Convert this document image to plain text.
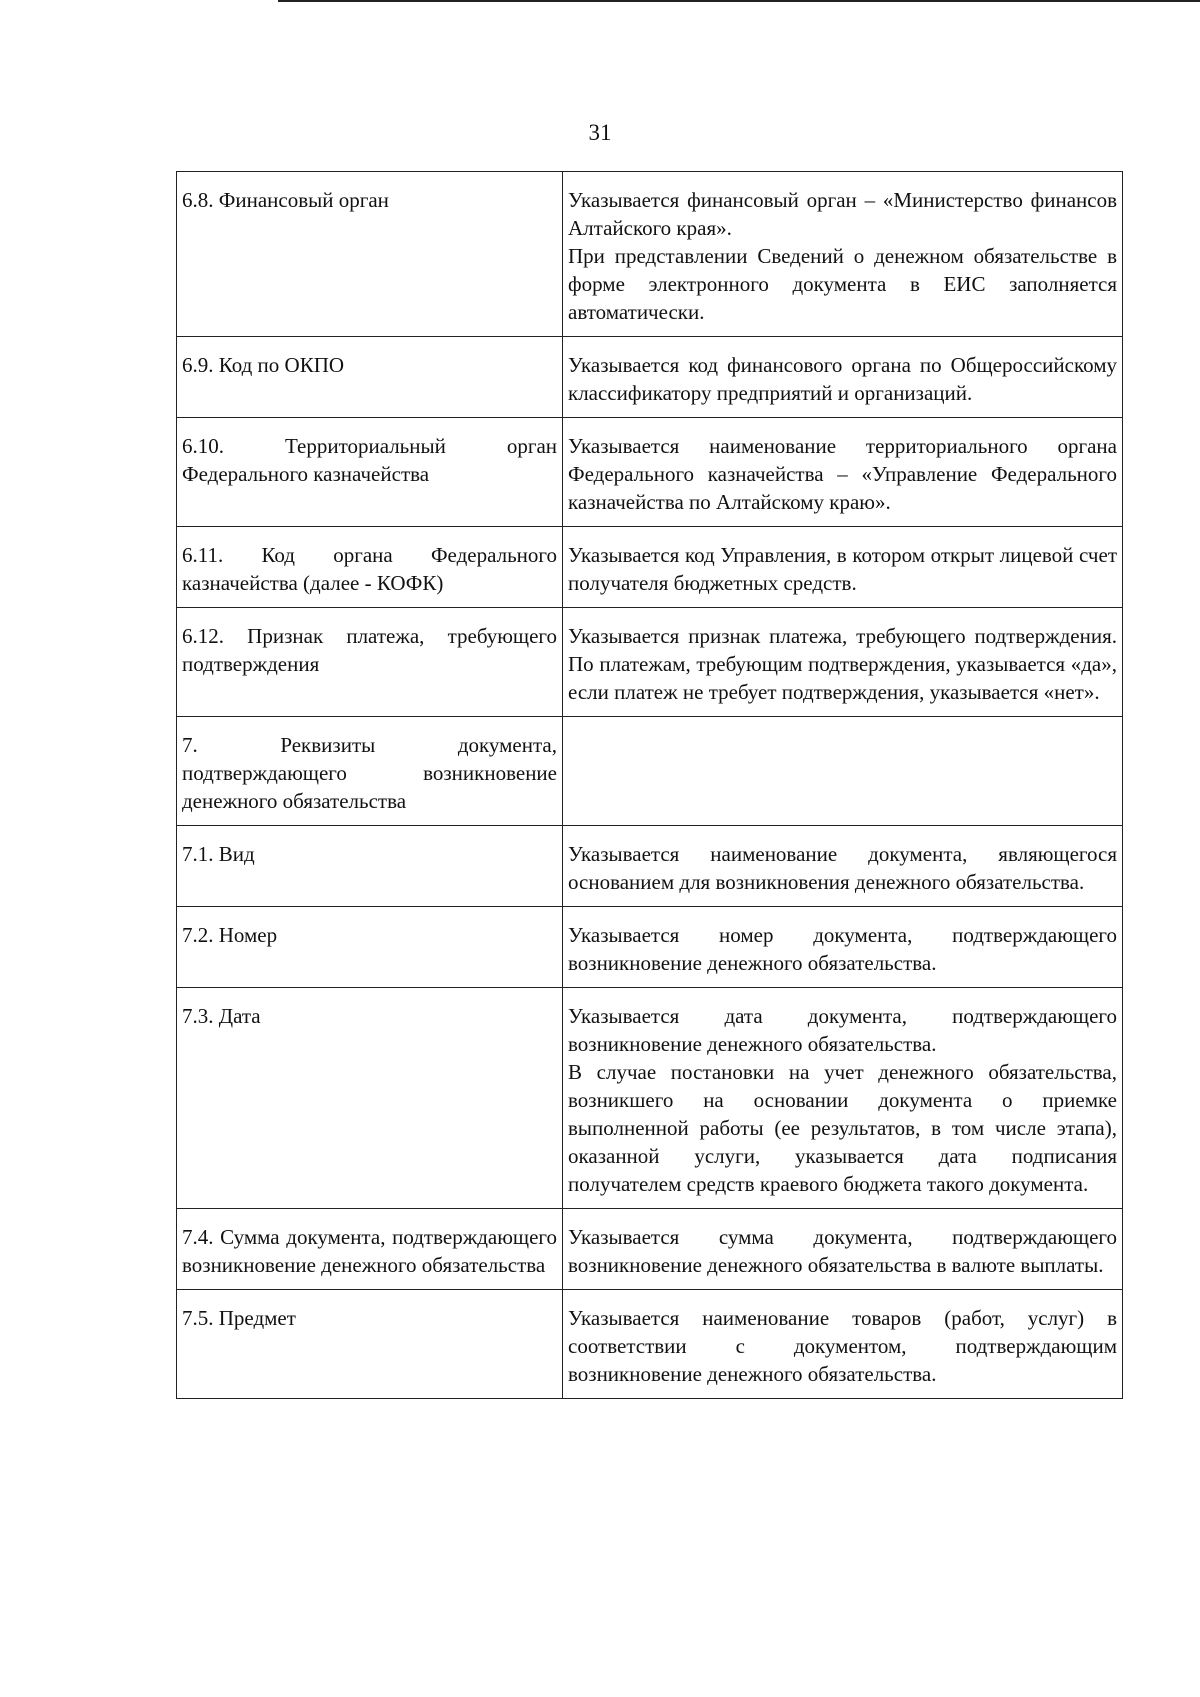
31
6.8. Финансовый орган	Указывается финансовый орган – «Министерство финансов Алтайского края».
При представлении Сведений о денежном обязательстве в форме электронного документа в ЕИС заполняется автоматически.

6.9. Код по ОКПО	Указывается код финансового органа по Общероссийскому классификатору предприятий и организаций.

6.10. Территориальный орган Федерального казначейства	Указывается наименование территориального органа Федерального казначейства – «Управление Федерального казначейства по Алтайскому краю».

6.11. Код органа Федерального казначейства (далее - КОФК)	Указывается код Управления, в котором открыт лицевой счет получателя бюджетных средств.

6.12. Признак платежа, требующего подтверждения	Указывается признак платежа, требующего подтверждения. По платежам, требующим подтверждения, указывается «да», если платеж не требует подтверждения, указывается «нет».

7. Реквизиты документа, подтверждающего возникновение денежного обязательства	
7.1. Вид	Указывается наименование документа, являющегося основанием для возникновения денежного обязательства.

7.2. Номер	Указывается номер документа, подтверждающего возникновение денежного обязательства.

7.3. Дата	Указывается дата документа, подтверждающего возникновение денежного обязательства.
В случае постановки на учет денежного обязательства, возникшего на основании документа о приемке выполненной работы (ее результатов, в том числе этапа), оказанной услуги, указывается дата подписания получателем средств краевого бюджета такого документа.

7.4. Сумма документа, подтверждающего возникновение денежного обязательства	Указывается сумма документа, подтверждающего возникновение денежного обязательства в валюте выплаты.

7.5. Предмет	Указывается наименование товаров (работ, услуг) в соответствии с документом, подтверждающим возникновение денежного обязательства.
